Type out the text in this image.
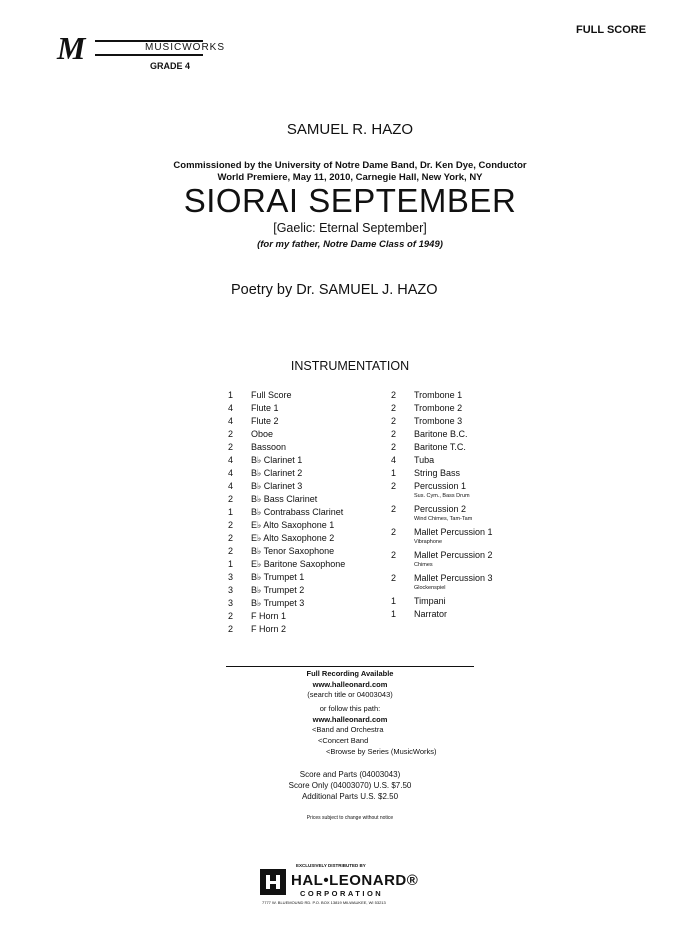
M	MUSICWORKS
GRADE 4
FULL SCORE
SAMUEL R. HAZO
Commissioned by the University of Notre Dame Band, Dr. Ken Dye, Conductor
World Premiere, May 11, 2010, Carnegie Hall, New York, NY
SIORAI SEPTEMBER
[Gaelic: Eternal September]
(for my father, Notre Dame Class of 1949)
Poetry by Dr. SAMUEL J. HAZO
INSTRUMENTATION
1	Full Score
4	Flute 1
4	Flute 2
2	Oboe
2	Bassoon
4	B♭ Clarinet 1
4	B♭ Clarinet 2
4	B♭ Clarinet 3
2	B♭ Bass Clarinet
1	B♭ Contrabass Clarinet
2	E♭ Alto Saxophone 1
2	E♭ Alto Saxophone 2
2	B♭ Tenor Saxophone
1	E♭ Baritone Saxophone
3	B♭ Trumpet 1
3	B♭ Trumpet 2
3	B♭ Trumpet 3
2	F Horn 1
2	F Horn 2
2	Trombone 1
2	Trombone 2
2	Trombone 3
2	Baritone B.C.
2	Baritone T.C.
4	Tuba
1	String Bass
2	Percussion 1
Sus. Cym., Bass Drum
2	Percussion 2
Wind Chimes, Tam-Tam
2	Mallet Percussion 1
Vibraphone
2	Mallet Percussion 2
Chimes
2	Mallet Percussion 3
Glockenspiel
1	Timpani
1	Narrator
Full Recording Available
www.halleonard.com
(search title or 04003043)
or follow this path:
www.halleonard.com
<Band and Orchestra
<Concert Band
<Browse by Series (MusicWorks)
Score and Parts (04003043)
Score Only (04003070) U.S. $7.50
Additional Parts U.S. $2.50
Prices subject to change without notice
EXCLUSIVELY DISTRIBUTED BY
HAL•LEONARD®
CORPORATION
7777 W. BLUEMOUND RD. P.O. BOX 13819 MILWAUKEE, WI 53213
